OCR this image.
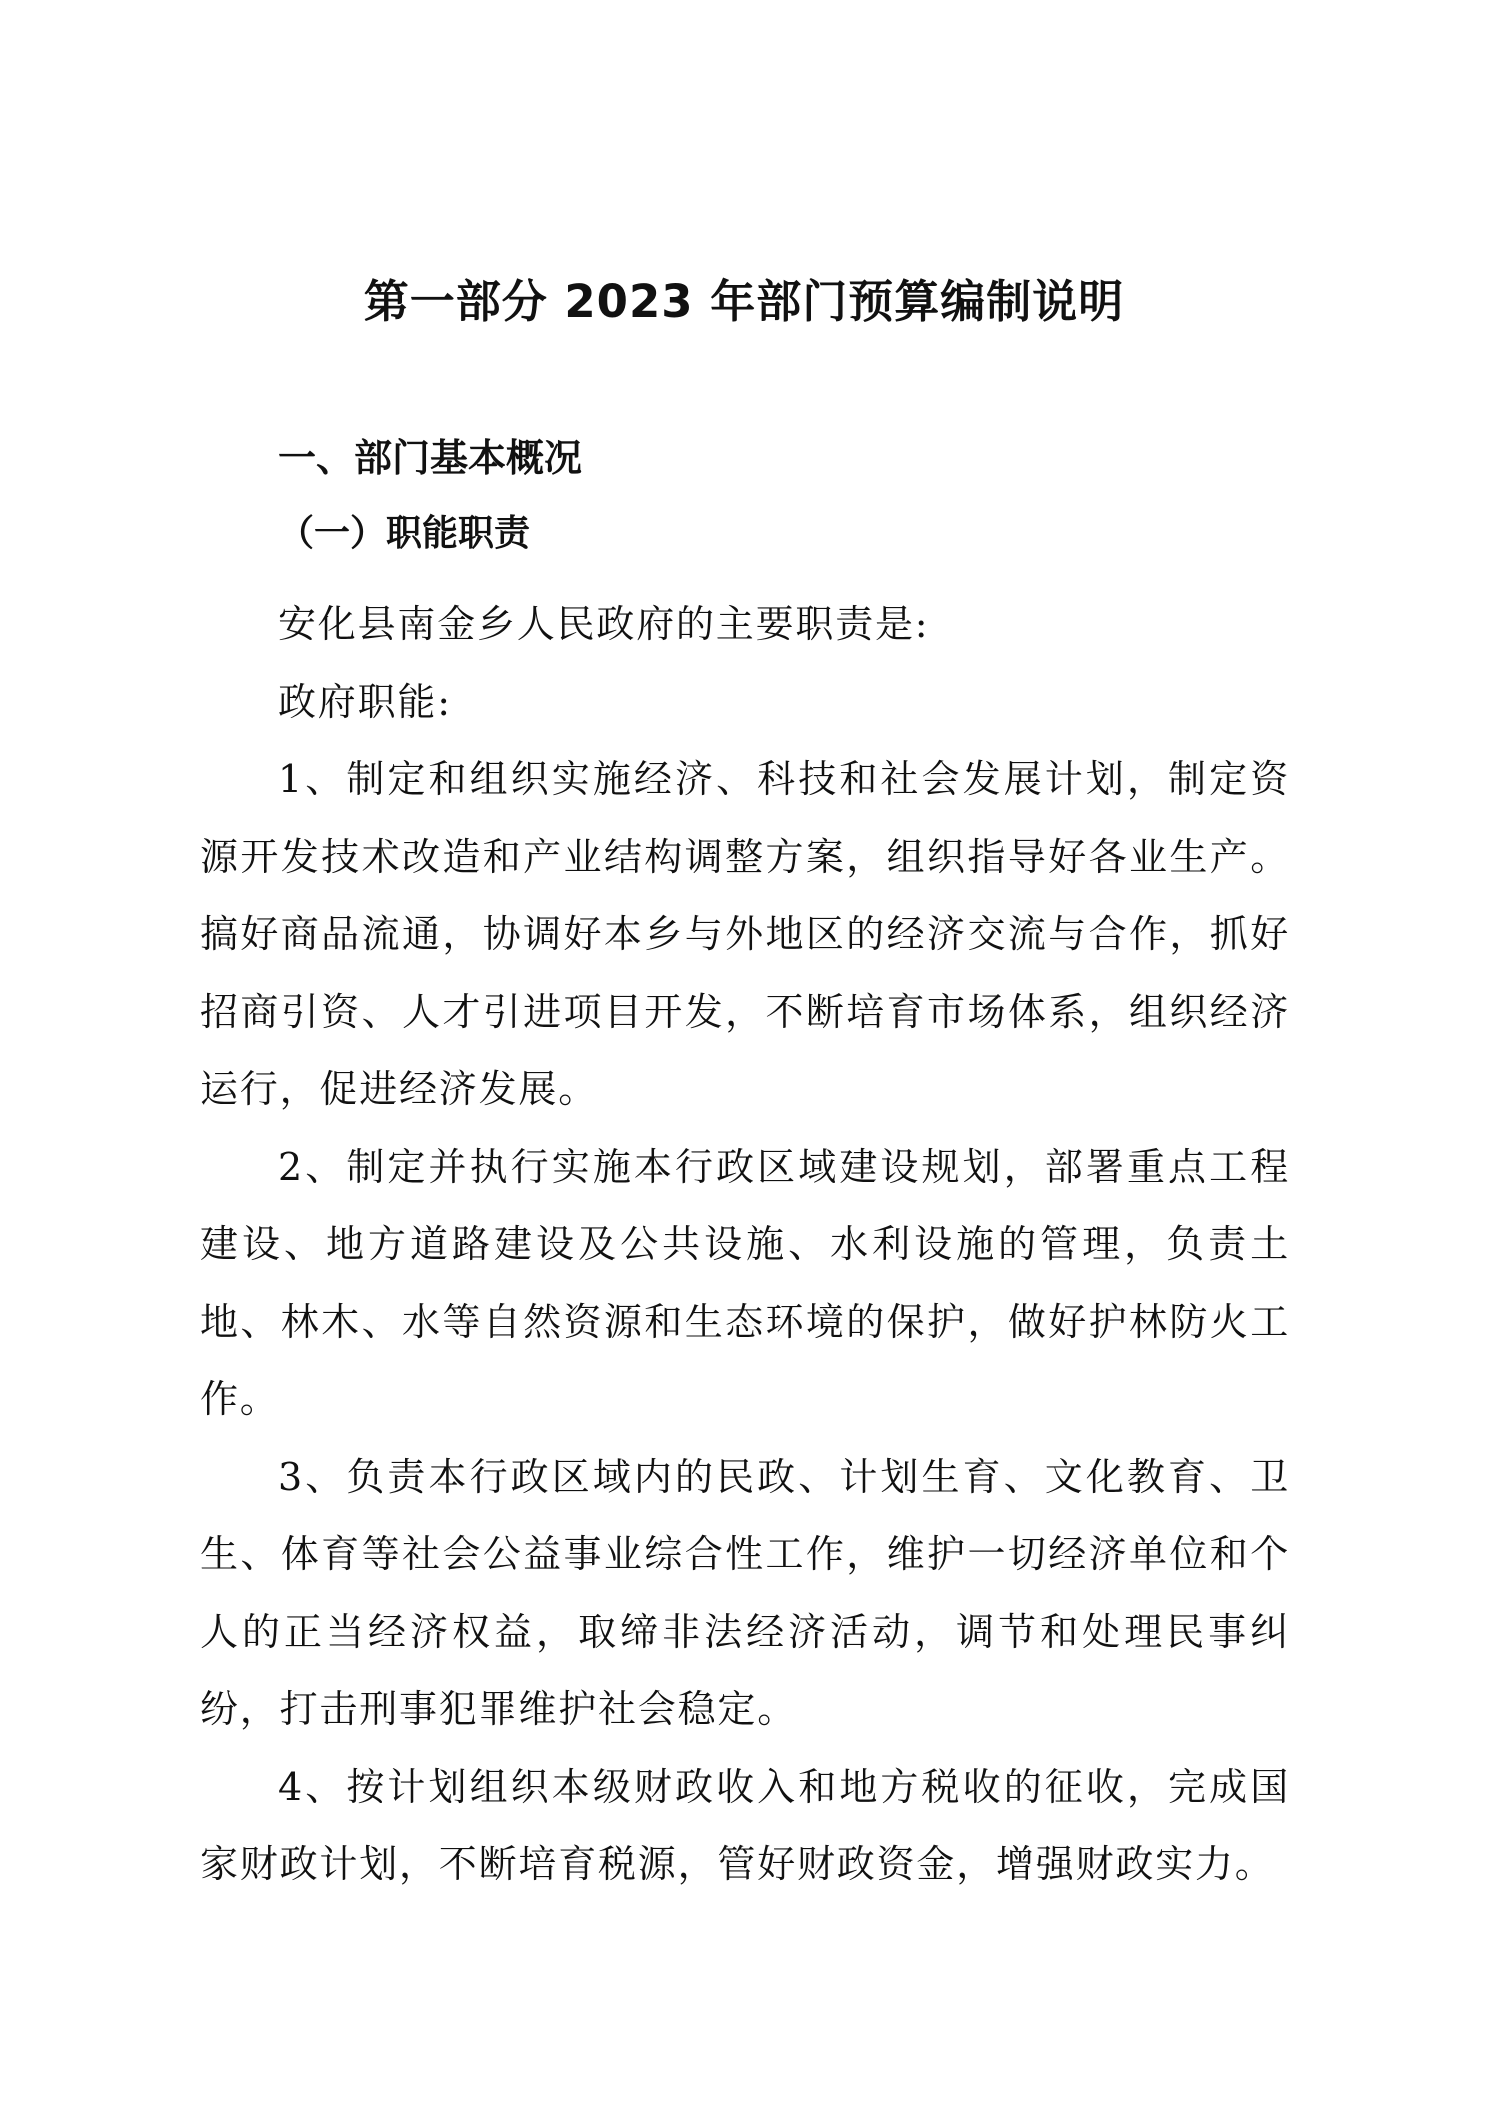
第一部分 2023 年部门预算编制说明
一、部门基本概况
（一）职能职责

安化县南金乡人民政府的主要职责是:

政府职能:

1、制定和组织实施经济、科技和社会发展计划，制定资源开发技术改造和产业结构调整方案，组织指导好各业生产。搞好商品流通，协调好本乡与外地区的经济交流与合作，抓好招商引资、人才引进项目开发，不断培育市场体系，组织经济运行，促进经济发展。

2、制定并执行实施本行政区域建设规划，部署重点工程建设、地方道路建设及公共设施、水利设施的管理，负责土地、林木、水等自然资源和生态环境的保护，做好护林防火工作。

3、负责本行政区域内的民政、计划生育、文化教育、卫生、体育等社会公益事业综合性工作，维护一切经济单位和个人的正当经济权益，取缔非法经济活动，调节和处理民事纠纷，打击刑事犯罪维护社会稳定。

4、按计划组织本级财政收入和地方税收的征收，完成国家财政计划，不断培育税源，管好财政资金，增强财政实力。
